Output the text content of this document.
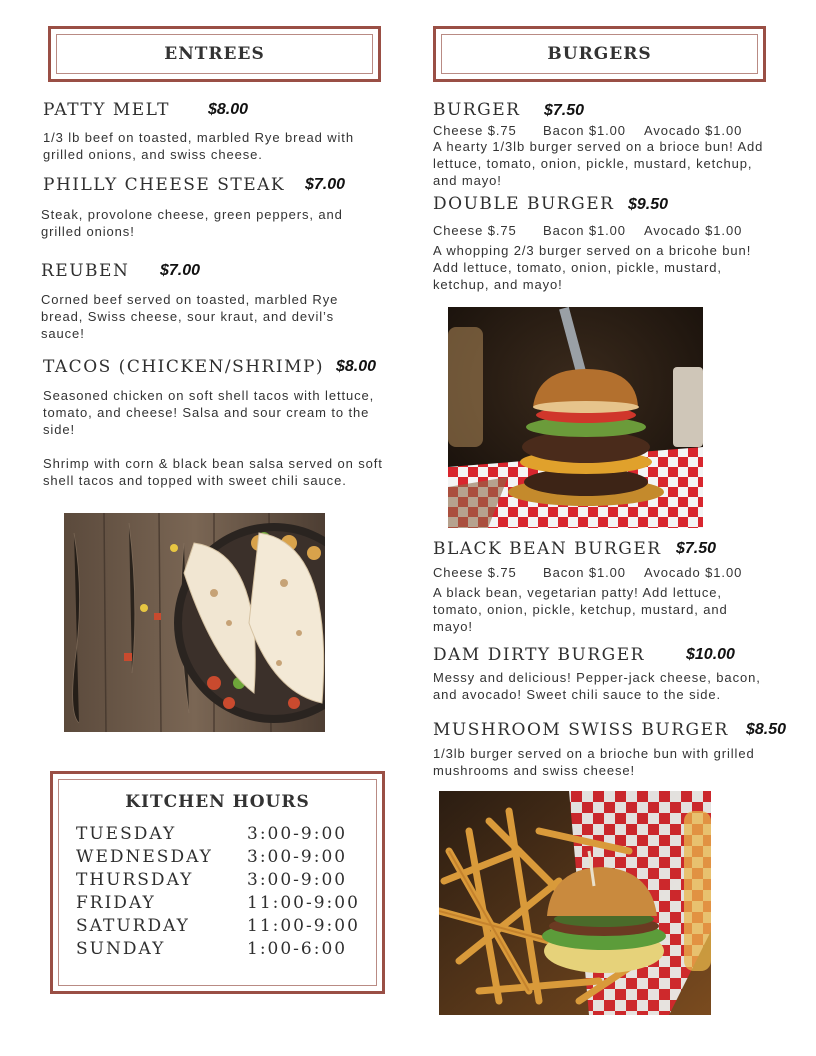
ENTREES	BURGERS
PATTY MELT $8.00
1/3 lb beef on toasted, marbled Rye bread with grilled onions, and swiss cheese.
PHILLY CHEESE STEAK $7.00
Steak, provolone cheese, green peppers, and grilled onions!
REUBEN $7.00
Corned beef served on toasted, marbled Rye bread, Swiss cheese, sour kraut, and devil’s sauce!
TACOS (CHICKEN/SHRIMP) $8.00
Seasoned chicken on soft shell tacos with lettuce, tomato, and cheese! Salsa and sour cream to the side!
Shrimp with corn & black bean salsa served on soft shell tacos and topped with sweet chili sauce.
KITCHEN HOURS
TUESDAY	3:00-9:00
WEDNESDAY 3:00-9:00
THURSDAY	3:00-9:00
FRIDAY	11:00-9:00
SATURDAY	11:00-9:00
SUNDAY	1:00-6:00
BURGER $7.50
Cheese $.75 Bacon $1.00 Avocado $1.00
A hearty 1/3lb burger served on a brioce bun! Add lettuce, tomato, onion, pickle, mustard, ketchup, and mayo!
DOUBLE BURGER $9.50
Cheese $.75 Bacon $1.00 Avocado $1.00
A whopping 2/3 burger served on a bricohe bun! Add lettuce, tomato, onion, pickle, mustard, ketchup, and mayo!
BLACK BEAN BURGER $7.50
Cheese $.75 Bacon $1.00 Avocado $1.00
A black bean, vegetarian patty! Add lettuce, tomato, onion, pickle, ketchup, mustard, and mayo!
DAM DIRTY BURGER	$10.00
Messy and delicious! Pepper-jack cheese, bacon, and avocado! Sweet chili sauce to the side.
MUSHROOM SWISS BURGER $8.50
1/3lb burger served on a brioche bun with grilled mushrooms and swiss cheese!
